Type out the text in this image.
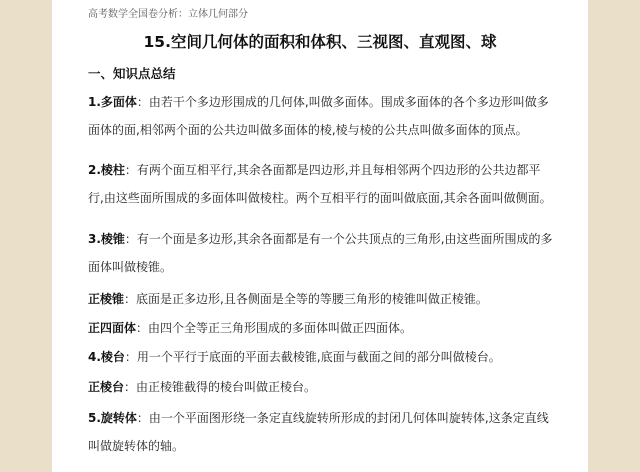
高考数学全国卷分析：立体几何部分
15.空间几何体的面积和体积、三视图、直观图、球
一、知识点总结
1.多面体：由若干个多边形围成的几何体,叫做多面体。围成多面体的各个多边形叫做多面体的面,相邻两个面的公共边叫做多面体的棱,棱与棱的公共点叫做多面体的顶点。
2.棱柱：有两个面互相平行,其余各面都是四边形,并且每相邻两个四边形的公共边都平行,由这些面所围成的多面体叫做棱柱。两个互相平行的面叫做底面,其余各面叫做侧面。
3.棱锥：有一个面是多边形,其余各面都是有一个公共顶点的三角形,由这些面所围成的多面体叫做棱锥。
正棱锥：底面是正多边形,且各侧面是全等的等腰三角形的棱锥叫做正棱锥。
正四面体：由四个全等正三角形围成的多面体叫做正四面体。
4.棱台：用一个平行于底面的平面去截棱锥,底面与截面之间的部分叫做棱台。
正棱台：由正棱锥截得的棱台叫做正棱台。
5.旋转体：由一个平面图形绕一条定直线旋转所形成的封闭几何体叫旋转体,这条定直线叫做旋转体的轴。
